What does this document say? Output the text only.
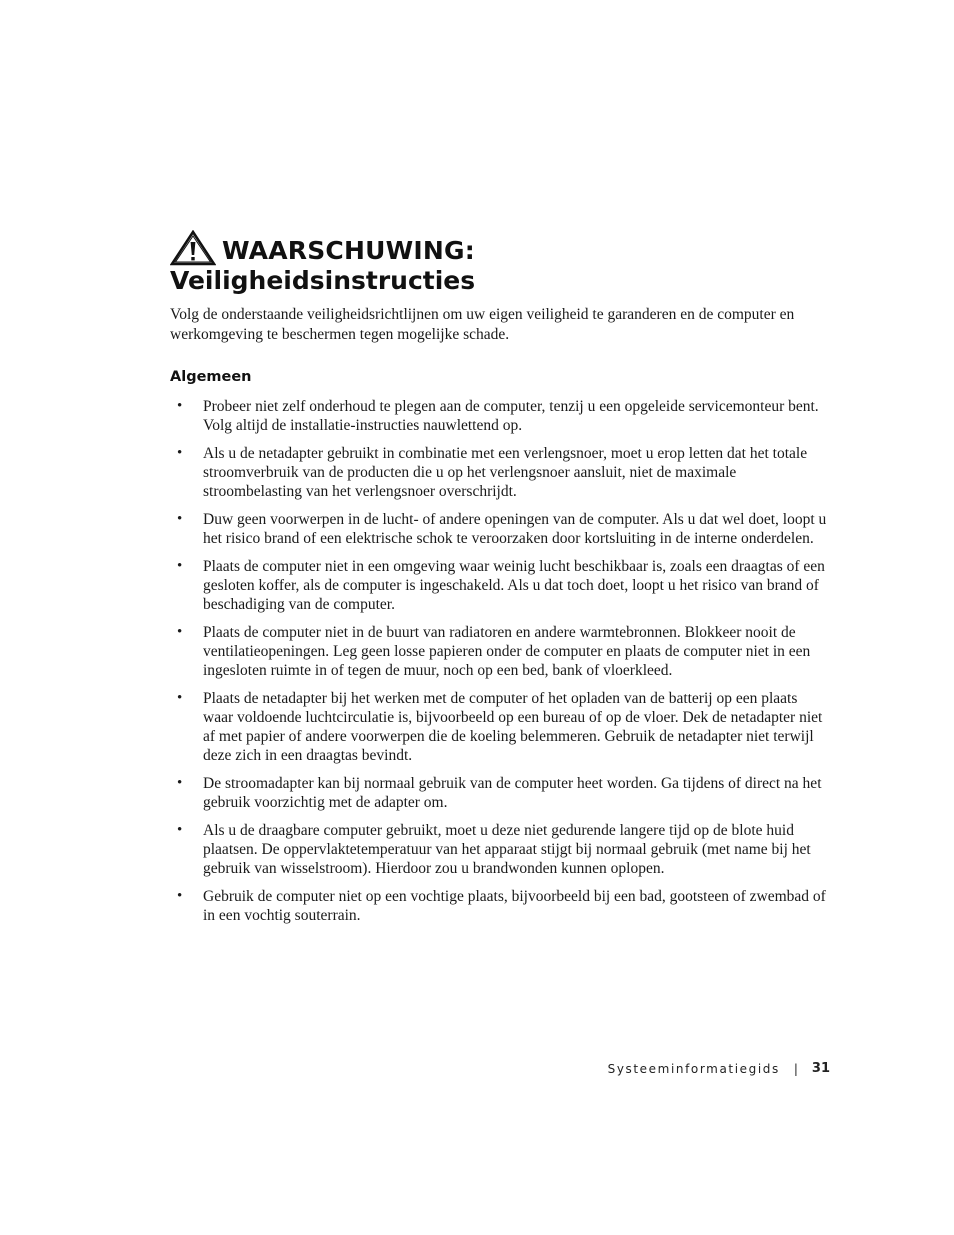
WAARSCHUWING:
Veiligheidsinstructies

Volg de onderstaande veiligheidsrichtlijnen om uw eigen veiligheid te garanderen en de computer en werkomgeving te beschermen tegen mogelijke schade.

Algemeen
• Probeer niet zelf onderhoud te plegen aan de computer, tenzij u een opgeleide servicemonteur bent. Volg altijd de installatie-instructies nauwlettend op.
• Als u de netadapter gebruikt in combinatie met een verlengsnoer, moet u erop letten dat het totale stroomverbruik van de producten die u op het verlengsnoer aansluit, niet de maximale stroombelasting van het verlengsnoer overschrijdt.
• Duw geen voorwerpen in de lucht- of andere openingen van de computer. Als u dat wel doet, loopt u het risico brand of een elektrische schok te veroorzaken door kortsluiting in de interne onderdelen.
• Plaats de computer niet in een omgeving waar weinig lucht beschikbaar is, zoals een draagtas of een gesloten koffer, als de computer is ingeschakeld. Als u dat toch doet, loopt u het risico van brand of beschadiging van de computer.
• Plaats de computer niet in de buurt van radiatoren en andere warmtebronnen. Blokkeer nooit de ventilatieopeningen. Leg geen losse papieren onder de computer en plaats de computer niet in een ingesloten ruimte in of tegen de muur, noch op een bed, bank of vloerkleed.
• Plaats de netadapter bij het werken met de computer of het opladen van de batterij op een plaats waar voldoende luchtcirculatie is, bijvoorbeeld op een bureau of op de vloer. Dek de netadapter niet af met papier of andere voorwerpen die de koeling belemmeren. Gebruik de netadapter niet terwijl deze zich in een draagtas bevindt.
• De stroomadapter kan bij normaal gebruik van de computer heet worden. Ga tijdens of direct na het gebruik voorzichtig met de adapter om.
• Als u de draagbare computer gebruikt, moet u deze niet gedurende langere tijd op de blote huid plaatsen. De oppervlaktetemperatuur van het apparaat stijgt bij normaal gebruik (met name bij het gebruik van wisselstroom). Hierdoor zou u brandwonden kunnen oplopen.
• Gebruik de computer niet op een vochtige plaats, bijvoorbeeld bij een bad, gootsteen of zwembad of in een vochtig souterrain.
Systeeminformatiegids | 31
